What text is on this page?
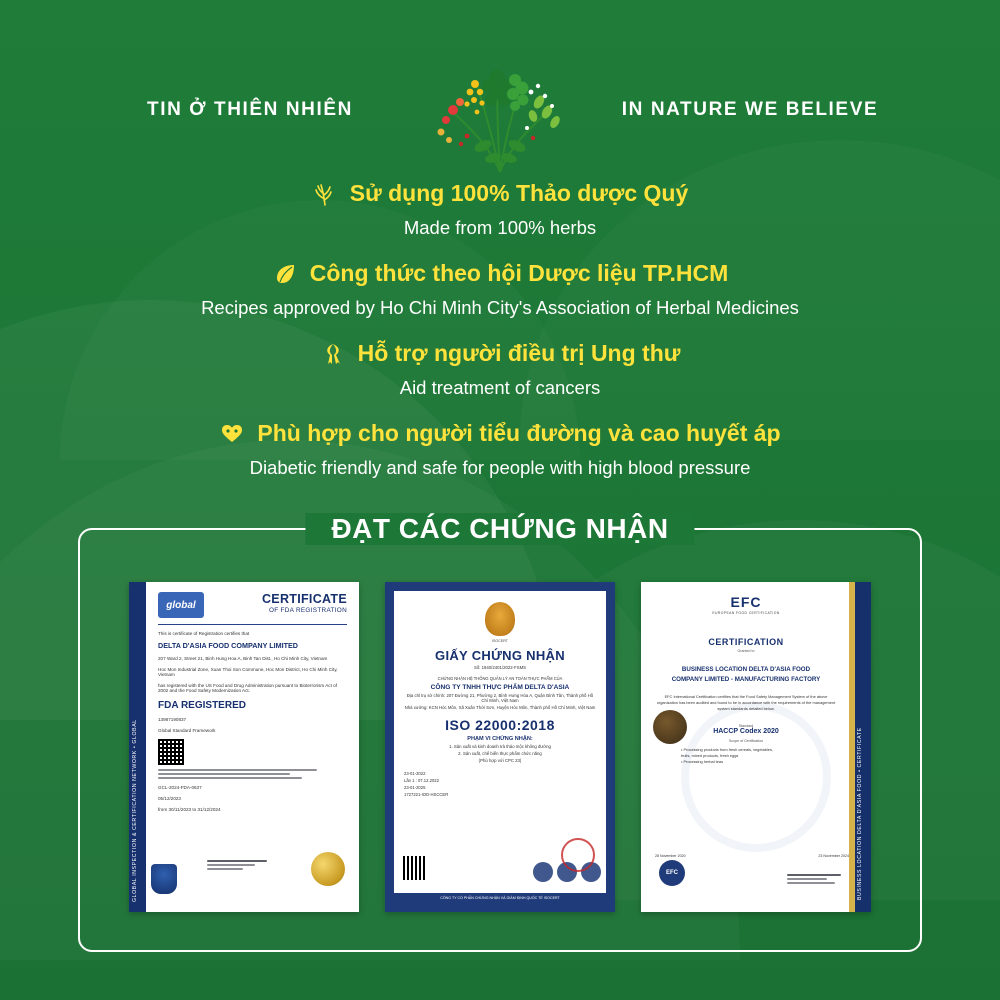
TIN Ở THIÊN NHIÊN	IN NATURE WE BELIEVE
Sử dụng 100% Thảo dược Quý
Made from 100% herbs
Công thức theo hội Dược liệu TP.HCM
Recipes approved by Ho Chi Minh City's Association of Herbal Medicines
Hỗ trợ người điều trị Ung thư
Aid treatment of cancers
Phù hợp cho người tiểu đường và cao huyết áp
Diabetic friendly and safe for people with high blood pressure
ĐẠT CÁC CHỨNG NHẬN
GLOBAL INSPECTION & CERTIFICATION NETWORK • GLOBAL
global	CERTIFICATE
OF FDA REGISTRATION
This is certificate of Registration certifies that
DELTA D'ASIA FOOD COMPANY LIMITED
207 Ward 2, Street 21, Binh Hung Hoa A, Binh Tan Dist., Ho Chi Minh City, Vietnam
Hoc Mon Industrial Zone, Xuan Thoi Son Commune, Hoc Mon District, Ho Chi Minh City, Vietnam
has registered with the US Food and Drug Administration pursuant to Bioterrorism Act of 2002 and the Food Safety Modernization Act.
FDA REGISTERED
13987190837
Global Standard Framework
GCL-2024-FDA-0637
05/12/2023
from 30/11/2023 to 31/12/2024
ISOCERT
GIẤY CHỨNG NHẬN
Số: 1940/2401/2022-FSMS
CHỨNG NHẬN HỆ THỐNG QUẢN LÝ AN TOÀN THỰC PHẨM CỦA
CÔNG TY TNHH THỰC PHẨM DELTA D'ASIA
Địa chỉ trụ sở chính: 207 Đường 21, Phường 2, Bình Hưng Hòa A, Quận Bình Tân, Thành phố Hồ Chí Minh, Việt Nam
Nhà xưởng: KCN Hóc Môn, Xã Xuân Thới Sơn, Huyện Hóc Môn, Thành phố Hồ Chí Minh, Việt Nam
ISO 22000:2018
PHẠM VI CHỨNG NHẬN:
1. Sản xuất và kinh doanh trà thảo mộc không đường
2. Sản xuất, chế biến thực phẩm chức năng
(Phù hợp với CPC 23)
23-01-2022
Lần 1 : 07.12.2022
23-01-2025
1727221-IOD-HSCCER
CÔNG TY CỔ PHẦN CHỨNG NHẬN VÀ GIÁM ĐỊNH QUỐC TẾ ISOCERT	BUSINESS LOCATION DELTA D'ASIA FOOD • CERTIFICATE
EFC
EUROPEAN FOOD CERTIFICATION
CERTIFICATION
Granted to
BUSINESS LOCATION DELTA D'ASIA FOOD
COMPANY LIMITED - MANUFACTURING FACTORY
EFC International Certification certifies that the Food Safety Management System of the above organization has been audited and found to be in accordance with the requirements of the management system standards detailed below.
Standard
HACCP Codex 2020
Scope of Certification
• Processing products from fresh cereals, vegetables,
fruits, mixed products, fresh eggs
• Processing herbal teas
28 November 2020	23 November 2024
EFC
